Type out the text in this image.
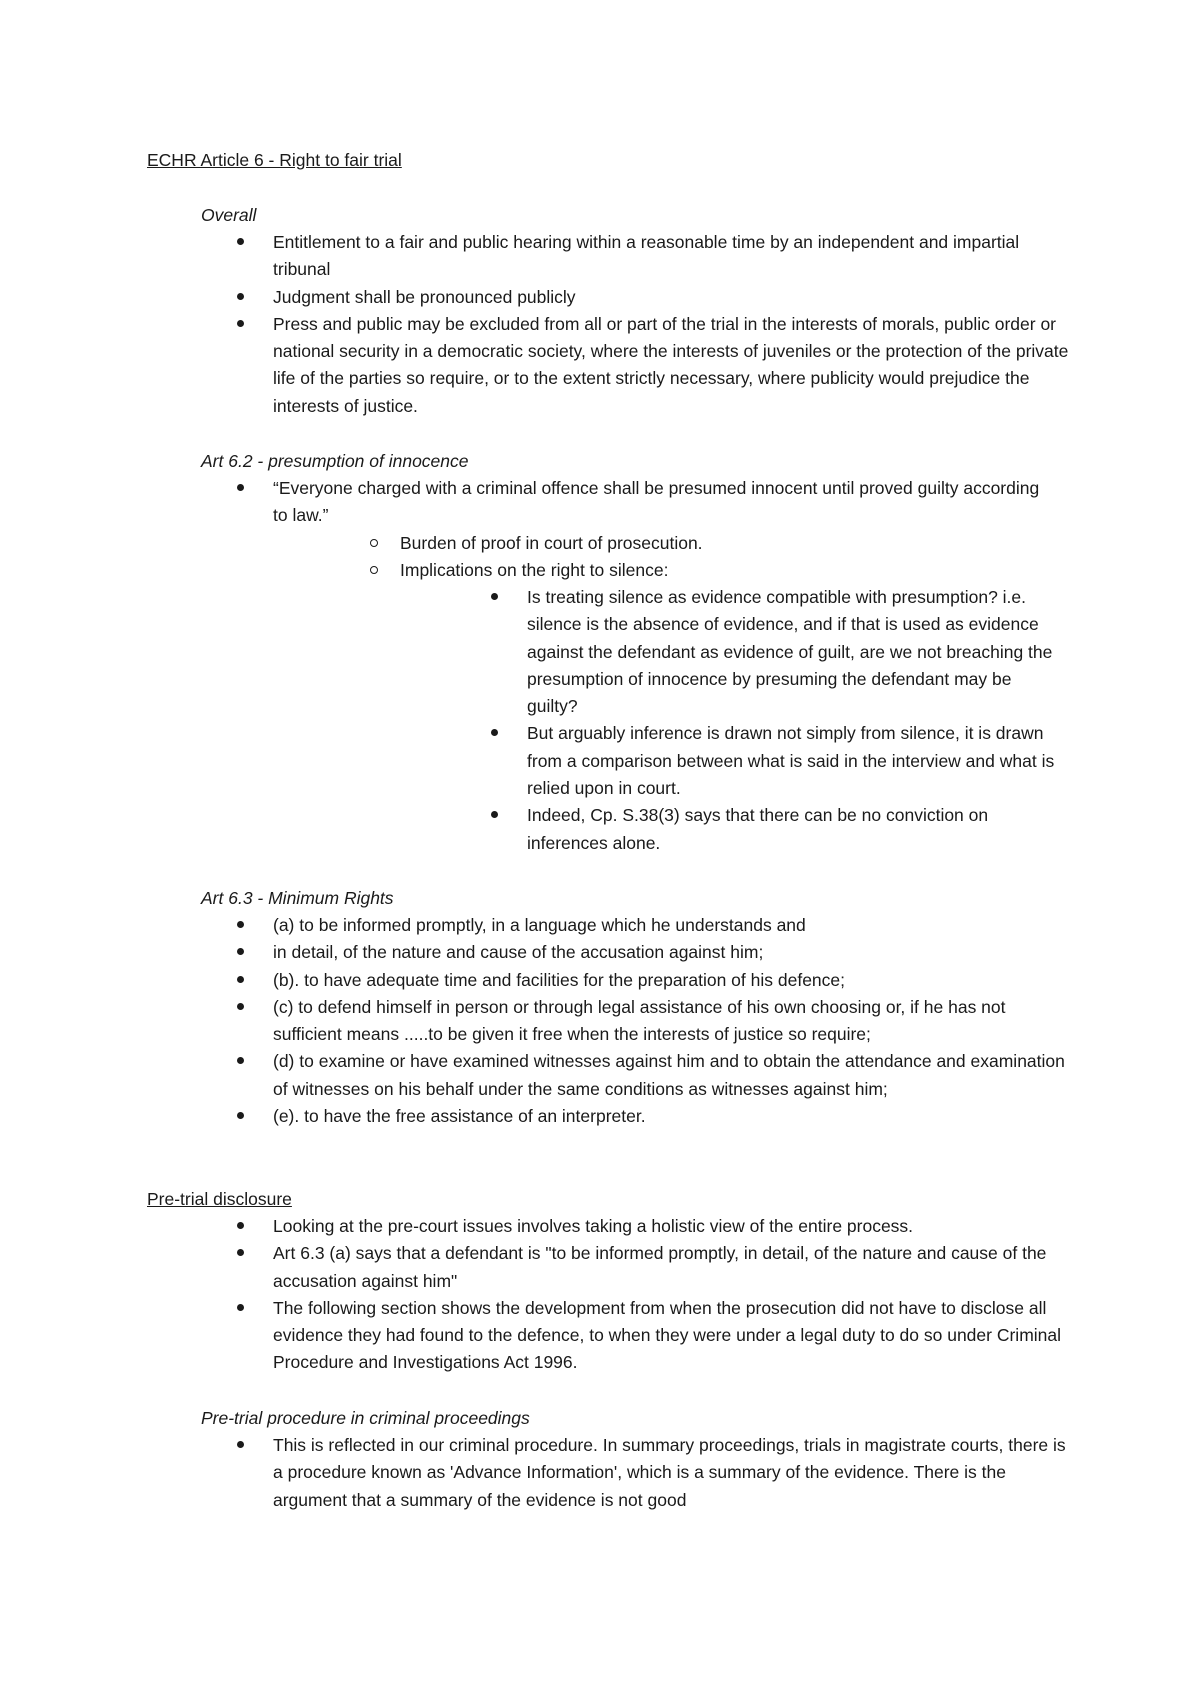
ECHR Article 6 - Right to fair trial
Overall
Entitlement to a fair and public hearing within a reasonable time by an independent and impartial tribunal
Judgment shall be pronounced publicly
Press and public may be excluded from all or part of the trial in the interests of morals, public order or national security in a democratic society, where the interests of juveniles or the protection of the private life of the parties so require, or to the extent strictly necessary, where publicity would prejudice the interests of justice.
Art 6.2 - presumption of innocence
“Everyone charged with a criminal offence shall be presumed innocent until proved guilty according to law.”
Burden of proof in court of prosecution.
Implications on the right to silence:
Is treating silence as evidence compatible with presumption? i.e. silence is the absence of evidence, and if that is used as evidence against the defendant as evidence of guilt, are we not breaching the presumption of innocence by presuming the defendant may be guilty?
But arguably inference is drawn not simply from silence, it is drawn from a comparison between what is said in the interview and what is relied upon in court.
Indeed, Cp. S.38(3) says that there can be no conviction on inferences alone.
Art 6.3 - Minimum Rights
(a) to be informed promptly, in a language which he understands and
in detail, of the nature and cause of the accusation against him;
(b). to have adequate time and facilities for the preparation of his defence;
(c) to defend himself in person or through legal assistance of his own choosing or, if he has not sufficient means .....to be given it free when the interests of justice so require;
(d) to examine or have examined witnesses against him and to obtain the attendance and examination of witnesses on his behalf under the same conditions as witnesses against him;
(e). to have the free assistance of an interpreter.
Pre-trial disclosure
Looking at the pre-court issues involves taking a holistic view of the entire process.
Art 6.3 (a) says that a defendant is "to be informed promptly, in detail, of the nature and cause of the accusation against him"
The following section shows the development from when the prosecution did not have to disclose all evidence they had found to the defence, to when they were under a legal duty to do so under Criminal Procedure and Investigations Act 1996.
Pre-trial procedure in criminal proceedings
This is reflected in our criminal procedure. In summary proceedings, trials in magistrate courts, there is a procedure known as 'Advance Information', which is a summary of the evidence. There is the argument that a summary of the evidence is not good
